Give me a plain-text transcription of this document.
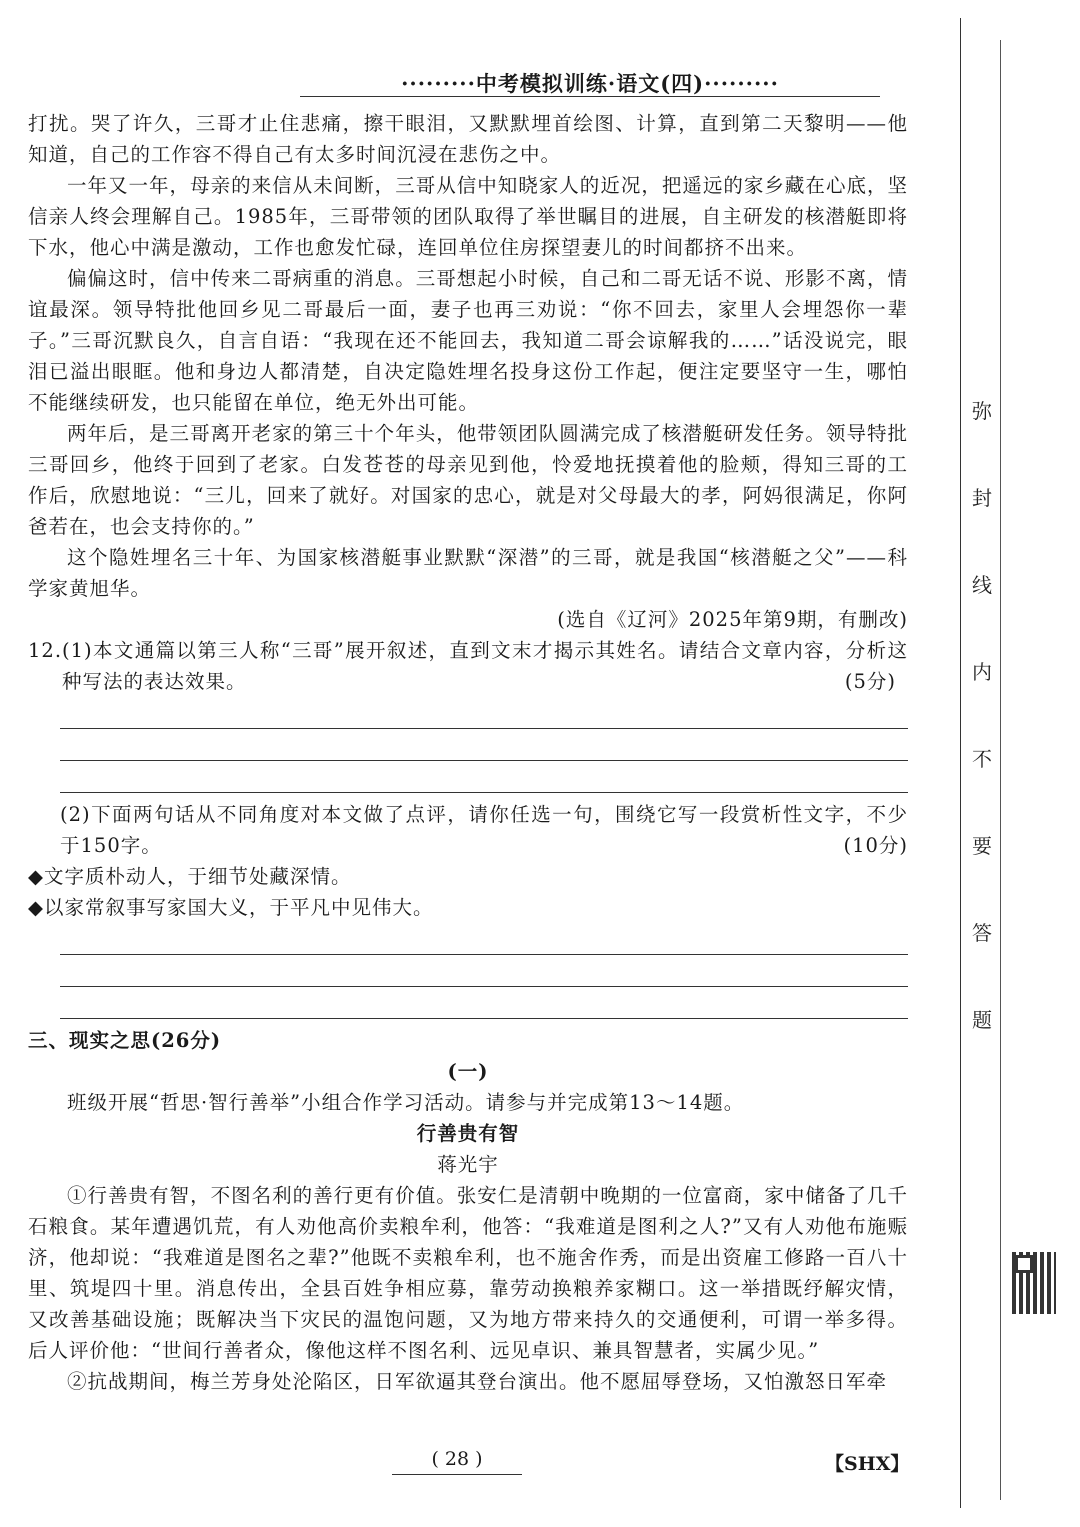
·········中考模拟训练·语文(四)·········

打扰。哭了许久，三哥才止住悲痛，擦干眼泪，又默默埋首绘图、计算，直到第二天黎明——他知道，自己的工作容不得自己有太多时间沉浸在悲伤之中。

一年又一年，母亲的来信从未间断，三哥从信中知晓家人的近况，把遥远的家乡藏在心底，坚信亲人终会理解自己。1985年，三哥带领的团队取得了举世瞩目的进展，自主研发的核潜艇即将下水，他心中满是激动，工作也愈发忙碌，连回单位住房探望妻儿的时间都挤不出来。

偏偏这时，信中传来二哥病重的消息。三哥想起小时候，自己和二哥无话不说、形影不离，情谊最深。领导特批他回乡见二哥最后一面，妻子也再三劝说：“你不回去，家里人会埋怨你一辈子。”三哥沉默良久，自言自语：“我现在还不能回去，我知道二哥会谅解我的……”话没说完，眼泪已溢出眼眶。他和身边人都清楚，自决定隐姓埋名投身这份工作起，便注定要坚守一生，哪怕不能继续研发，也只能留在单位，绝无外出可能。

两年后，是三哥离开老家的第三十个年头，他带领团队圆满完成了核潜艇研发任务。领导特批三哥回乡，他终于回到了老家。白发苍苍的母亲见到他，怜爱地抚摸着他的脸颊，得知三哥的工作后，欣慰地说：“三儿，回来了就好。对国家的忠心，就是对父母最大的孝，阿妈很满足，你阿爸若在，也会支持你的。”

这个隐姓埋名三十年、为国家核潜艇事业默默“深潜”的三哥，就是我国“核潜艇之父”——科学家黄旭华。

(选自《辽河》2025年第9期，有删改)

12.(1)本文通篇以第三人称“三哥”展开叙述，直到文末才揭示其姓名。请结合文章内容，分析这种写法的表达效果。	(5分)

(2)下面两句话从不同角度对本文做了点评，请你任选一句，围绕它写一段赏析性文字，不少于150字。	(10分)

◆文字质朴动人，于细节处藏深情。

◆以家常叙事写家国大义，于平凡中见伟大。

三、现实之思(26分)

(一)

班级开展“哲思·智行善举”小组合作学习活动。请参与并完成第13～14题。

行善贵有智

蒋光宇

①行善贵有智，不图名利的善行更有价值。张安仁是清朝中晚期的一位富商，家中储备了几千石粮食。某年遭遇饥荒，有人劝他高价卖粮牟利，他答：“我难道是图利之人?”又有人劝他布施赈济，他却说：“我难道是图名之辈?”他既不卖粮牟利，也不施舍作秀，而是出资雇工修路一百八十里、筑堤四十里。消息传出，全县百姓争相应募，靠劳动换粮养家糊口。这一举措既纾解灾情，又改善基础设施；既解决当下灾民的温饱问题，又为地方带来持久的交通便利，可谓一举多得。后人评价他：“世间行善者众，像他这样不图名利、远见卓识、兼具智慧者，实属少见。”

②抗战期间，梅兰芳身处沦陷区，日军欲逼其登台演出。他不愿屈辱登场，又怕激怒日军牵

( 28 )	【SHX】
弥
封
线
内
不
要
答
题
